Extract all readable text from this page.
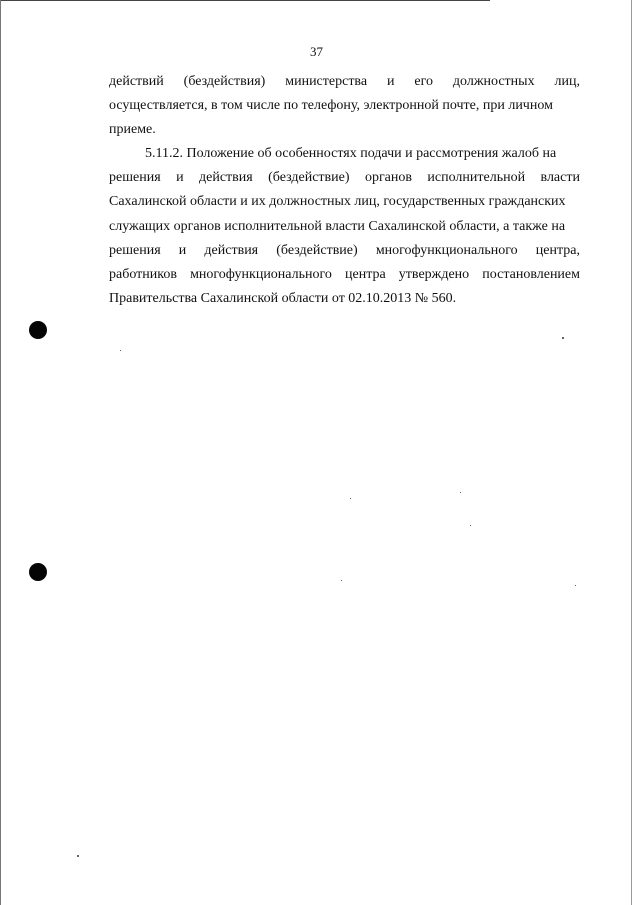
37
действий (бездействия) министерства и его должностных лиц,
осуществляется, в том числе по телефону, электронной почте, при личном
приеме.
5.11.2. Положение об особенностях подачи и рассмотрения жалоб на
решения и действия (бездействие) органов исполнительной власти
Сахалинской области и их должностных лиц, государственных гражданских
служащих органов исполнительной власти Сахалинской области, а также на
решения и действия (бездействие) многофункционального центра,
работников многофункционального центра утверждено постановлением
Правительства Сахалинской области от 02.10.2013 № 560.
